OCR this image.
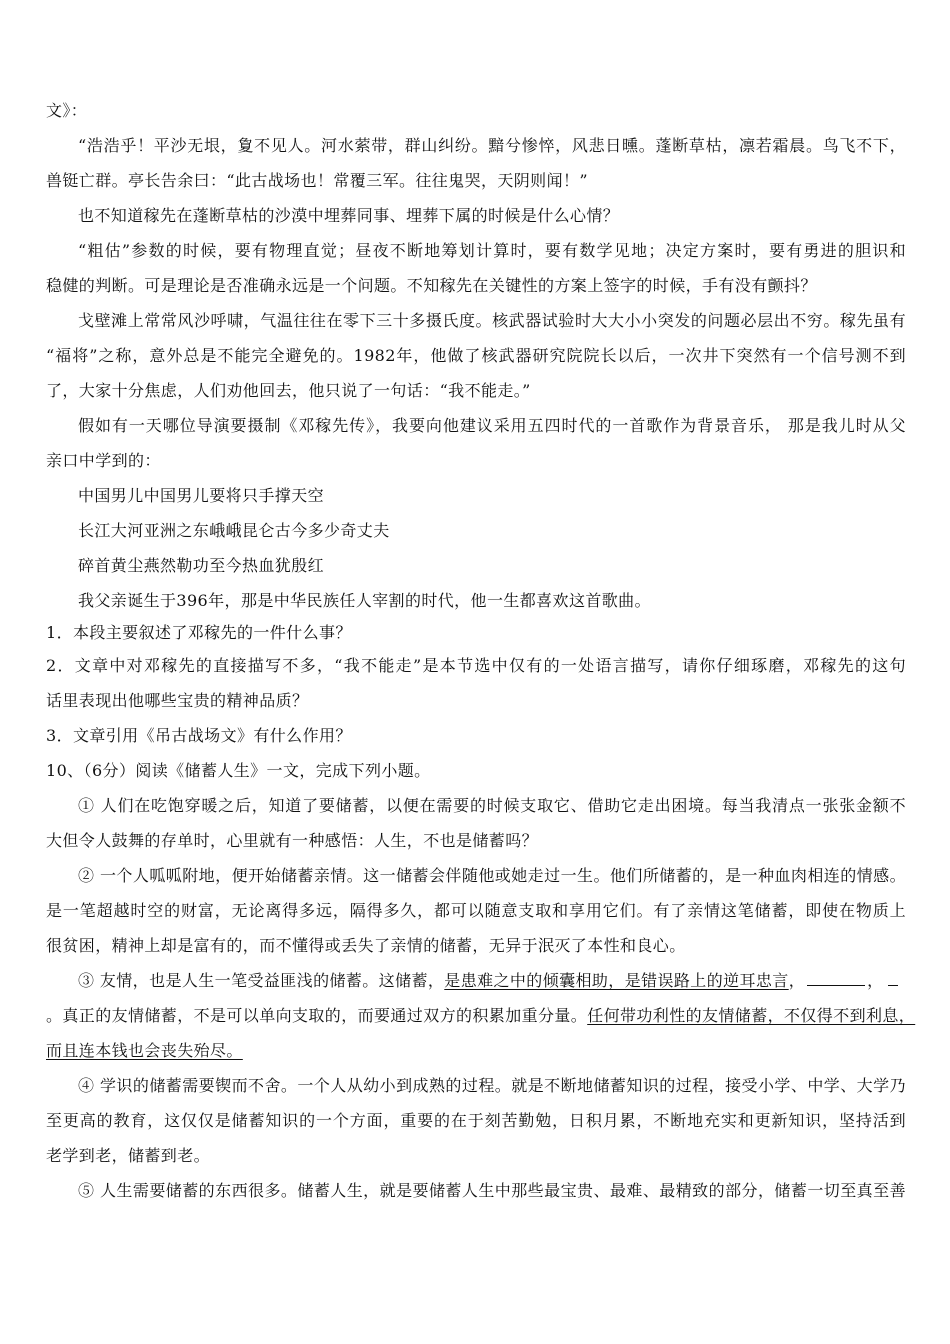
文》：
“浩浩乎！平沙无垠，夐不见人。河水萦带，群山纠纷。黯兮惨悴，风悲日曛。蓬断草枯，凛若霜晨。鸟飞不下，
兽铤亡群。亭长告余曰：“此古战场也！常覆三军。往往鬼哭，天阴则闻！”
也不知道稼先在蓬断草枯的沙漠中埋葬同事、埋葬下属的时候是什么心情？
“粗估”参数的时候，要有物理直觉；昼夜不断地筹划计算时，要有数学见地；决定方案时，要有勇进的胆识和
稳健的判断。可是理论是否准确永远是一个问题。不知稼先在关键性的方案上签字的时候，手有没有颤抖？
戈壁滩上常常风沙呼啸，气温往往在零下三十多摄氏度。核武器试验时大大小小突发的问题必层出不穷。稼先虽有
“福将”之称，意外总是不能完全避免的。1982年，他做了核武器研究院院长以后，一次井下突然有一个信号测不到
了，大家十分焦虑，人们劝他回去，他只说了一句话：“我不能走。”
假如有一天哪位导演要摄制《邓稼先传》，我要向他建议采用五四时代的一首歌作为背景音乐， 那是我儿时从父
亲口中学到的：
中国男儿中国男儿要将只手撑天空
长江大河亚洲之东峨峨昆仑古今多少奇丈夫
碎首黄尘燕然勒功至今热血犹殷红
我父亲诞生于396年，那是中华民族任人宰割的时代，他一生都喜欢这首歌曲。
1．本段主要叙述了邓稼先的一件什么事？
2．文章中对邓稼先的直接描写不多，“我不能走”是本节选中仅有的一处语言描写，请你仔细琢磨，邓稼先的这句
话里表现出他哪些宝贵的精神品质？
3．文章引用《吊古战场文》有什么作用？
10、（6分）阅读《储蓄人生》一文，完成下列小题。
① 人们在吃饱穿暖之后，知道了要储蓄，以便在需要的时候支取它、借助它走出困境。每当我清点一张张金额不
大但令人鼓舞的存单时，心里就有一种感悟：人生，不也是储蓄吗？
② 一个人呱呱附地，便开始储蓄亲情。这一储蓄会伴随他或她走过一生。他们所储蓄的，是一种血肉相连的情感。
是一笔超越时空的财富，无论离得多远，隔得多久，都可以随意支取和享用它们。有了亲情这笔储蓄，即使在物质上
很贫困，精神上却是富有的，而不懂得或丢失了亲情的储蓄，无异于泯灭了本性和良心。
③ 友情，也是人生一笔受益匪浅的储蓄。这储蓄，是患难之中的倾囊相助，是错误路上的逆耳忠言，	，
。真正的友情储蓄，不是可以单向支取的，而要通过双方的积累加重分量。任何带功利性的友情储蓄，不仅得不到利息，
而且连本钱也会丧失殆尽。
④ 学识的储蓄需要锲而不舍。一个人从幼小到成熟的过程。就是不断地储蓄知识的过程，接受小学、中学、大学乃
至更高的教育，这仅仅是储蓄知识的一个方面，重要的在于刻苦勤勉，日积月累，不断地充实和更新知识，坚持活到
老学到老，储蓄到老。
⑤ 人生需要储蓄的东西很多。储蓄人生，就是要储蓄人生中那些最宝贵、最难、最精致的部分，储蓄一切至真至善
